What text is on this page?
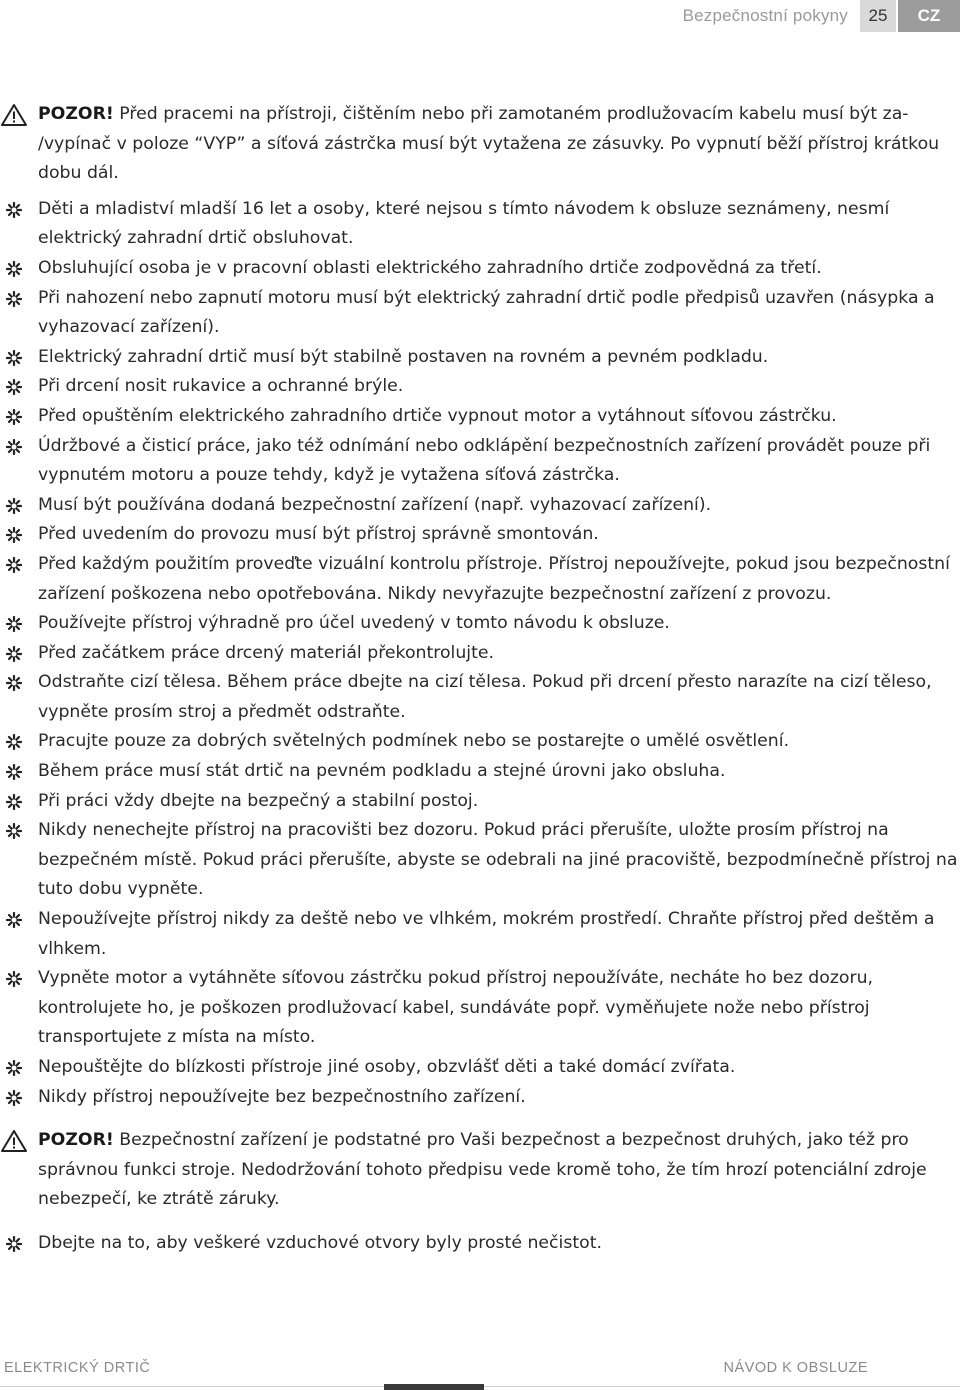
Bezpečnostní pokyny	25	CZ

POZOR! Před pracemi na přístroji, čištěním nebo při zamotaném prodlužovacím kabelu musí být za- /vypínač v poloze “VYP” a síťová zástrčka musí být vytažena ze zásuvky. Po vypnutí běží přístroj krátkou dobu dál.

Děti a mladiství mladší 16 let a osoby, které nejsou s tímto návodem k obsluze seznámeny, nesmí elektrický zahradní drtič obsluhovat.
Obsluhující osoba je v pracovní oblasti elektrického zahradního drtiče zodpovědná za třetí.
Při nahození nebo zapnutí motoru musí být elektrický zahradní drtič podle předpisů uzavřen (násypka a vyhazovací zařízení).
Elektrický zahradní drtič musí být stabilně postaven na rovném a pevném podkladu.
Při drcení nosit rukavice a ochranné brýle.
Před opuštěním elektrického zahradního drtiče vypnout motor a vytáhnout síťovou zástrčku.
Údržbové a čisticí práce, jako též odnímání nebo odklápění bezpečnostních zařízení provádět pouze při vypnutém motoru a pouze tehdy, když je vytažena síťová zástrčka.
Musí být používána dodaná bezpečnostní zařízení (např. vyhazovací zařízení).
Před uvedením do provozu musí být přístroj správně smontován.
Před každým použitím proveďte vizuální kontrolu přístroje. Přístroj nepoužívejte, pokud jsou bezpečnostní zařízení poškozena nebo opotřebována. Nikdy nevyřazujte bezpečnostní zařízení z provozu.
Používejte přístroj výhradně pro účel uvedený v tomto návodu k obsluze.
Před začátkem práce drcený materiál překontrolujte.
Odstraňte cizí tělesa. Během práce dbejte na cizí tělesa. Pokud při drcení přesto narazíte na cizí těleso, vypněte prosím stroj a předmět odstraňte.
Pracujte pouze za dobrých světelných podmínek nebo se postarejte o umělé osvětlení.
Během práce musí stát drtič na pevném podkladu a stejné úrovni jako obsluha.
Při práci vždy dbejte na bezpečný a stabilní postoj.
Nikdy nenechejte přístroj na pracovišti bez dozoru. Pokud práci přerušíte, uložte prosím přístroj na bezpečném místě. Pokud práci přerušíte, abyste se odebrali na jiné pracoviště, bezpodmínečně přístroj na tuto dobu vypněte.
Nepoužívejte přístroj nikdy za deště nebo ve vlhkém, mokrém prostředí. Chraňte přístroj před deštěm a vlhkem.
Vypněte motor a vytáhněte síťovou zástrčku pokud přístroj nepoužíváte, necháte ho bez dozoru, kontrolujete ho, je poškozen prodlužovací kabel, sundáváte popř. vyměňujete nože nebo přístroj transportujete z místa na místo.
Nepouštějte do blízkosti přístroje jiné osoby, obzvlášť děti a také domácí zvířata.
Nikdy přístroj nepoužívejte bez bezpečnostního zařízení.

POZOR! Bezpečnostní zařízení je podstatné pro Vaši bezpečnost a bezpečnost druhých, jako též pro správnou funkci stroje. Nedodržování tohoto předpisu vede kromě toho, že tím hrozí potenciální zdroje nebezpečí, ke ztrátě záruky.

Dbejte na to, aby veškeré vzduchové otvory byly prosté nečistot.
ELEKTRICKÝ DRTIČ	NÁVOD K OBSLUZE
